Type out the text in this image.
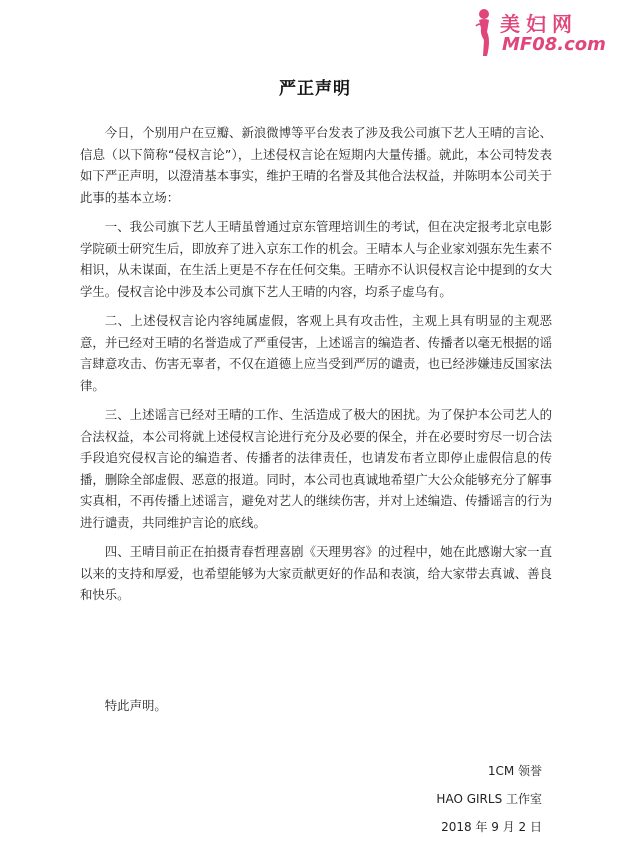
美妇网
MF08.com
严正声明

今日，个别用户在豆瓣、新浪微博等平台发表了涉及我公司旗下艺人王晴的言论、信息（以下简称“侵权言论”），上述侵权言论在短期内大量传播。就此，本公司特发表如下严正声明，以澄清基本事实，维护王晴的名誉及其他合法权益，并陈明本公司关于此事的基本立场：

一、我公司旗下艺人王晴虽曾通过京东管理培训生的考试，但在决定报考北京电影学院硕士研究生后，即放弃了进入京东工作的机会。王晴本人与企业家刘强东先生素不相识，从未谋面，在生活上更是不存在任何交集。王晴亦不认识侵权言论中提到的女大学生。侵权言论中涉及本公司旗下艺人王晴的内容，均系子虚乌有。

二、上述侵权言论内容纯属虚假，客观上具有攻击性，主观上具有明显的主观恶意，并已经对王晴的名誉造成了严重侵害，上述谣言的编造者、传播者以毫无根据的谣言肆意攻击、伤害无辜者，不仅在道德上应当受到严厉的谴责，也已经涉嫌违反国家法律。

三、上述谣言已经对王晴的工作、生活造成了极大的困扰。为了保护本公司艺人的合法权益，本公司将就上述侵权言论进行充分及必要的保全，并在必要时穷尽一切合法手段追究侵权言论的编造者、传播者的法律责任，也请发布者立即停止虚假信息的传播，删除全部虚假、恶意的报道。同时，本公司也真诚地希望广大公众能够充分了解事实真相，不再传播上述谣言，避免对艺人的继续伤害，并对上述编造、传播谣言的行为进行谴责，共同维护言论的底线。

四、王晴目前正在拍摄青春哲理喜剧《天理男容》的过程中，她在此感谢大家一直以来的支持和厚爱，也希望能够为大家贡献更好的作品和表演，给大家带去真诚、善良和快乐。

特此声明。
1CM 领誉
HAO GIRLS 工作室
2018 年 9 月 2 日
